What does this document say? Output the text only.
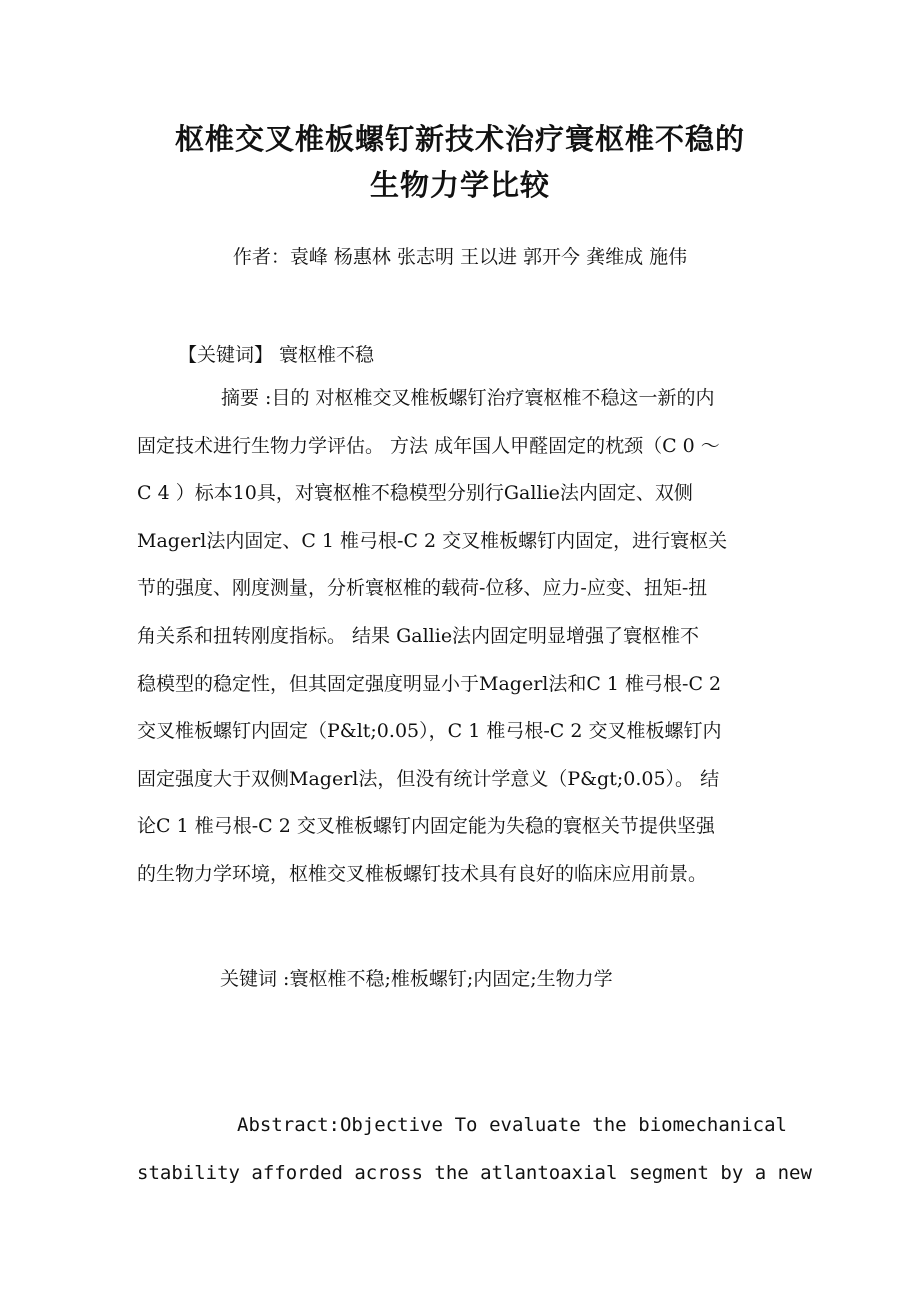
枢椎交叉椎板螺钉新技术治疗寰枢椎不稳的
生物力学比较
作者：袁峰 杨惠林 张志明 王以进 郭开今 龚维成 施伟
【关键词】 寰枢椎不稳
摘要 :目的 对枢椎交叉椎板螺钉治疗寰枢椎不稳这一新的内
固定技术进行生物力学评估。 方法 成年国人甲醛固定的枕颈（C 0 ～
C 4 ）标本10具，对寰枢椎不稳模型分别行Gallie法内固定、双侧
Magerl法内固定、C 1 椎弓根-C 2 交叉椎板螺钉内固定，进行寰枢关
节的强度、刚度测量，分析寰枢椎的载荷-位移、应力-应变、扭矩-扭
角关系和扭转刚度指标。 结果 Gallie法内固定明显增强了寰枢椎不
稳模型的稳定性，但其固定强度明显小于Magerl法和C 1 椎弓根-C 2
交叉椎板螺钉内固定（P&lt;0.05），C 1 椎弓根-C 2 交叉椎板螺钉内
固定强度大于双侧Magerl法，但没有统计学意义（P&gt;0.05）。 结
论C 1 椎弓根-C 2 交叉椎板螺钉内固定能为失稳的寰枢关节提供坚强
的生物力学环境，枢椎交叉椎板螺钉技术具有良好的临床应用前景。
关键词 :寰枢椎不稳;椎板螺钉;内固定;生物力学
Abstract:Objective To evaluate the biomechanical
stability afforded across the atlantoaxial segment by a new
